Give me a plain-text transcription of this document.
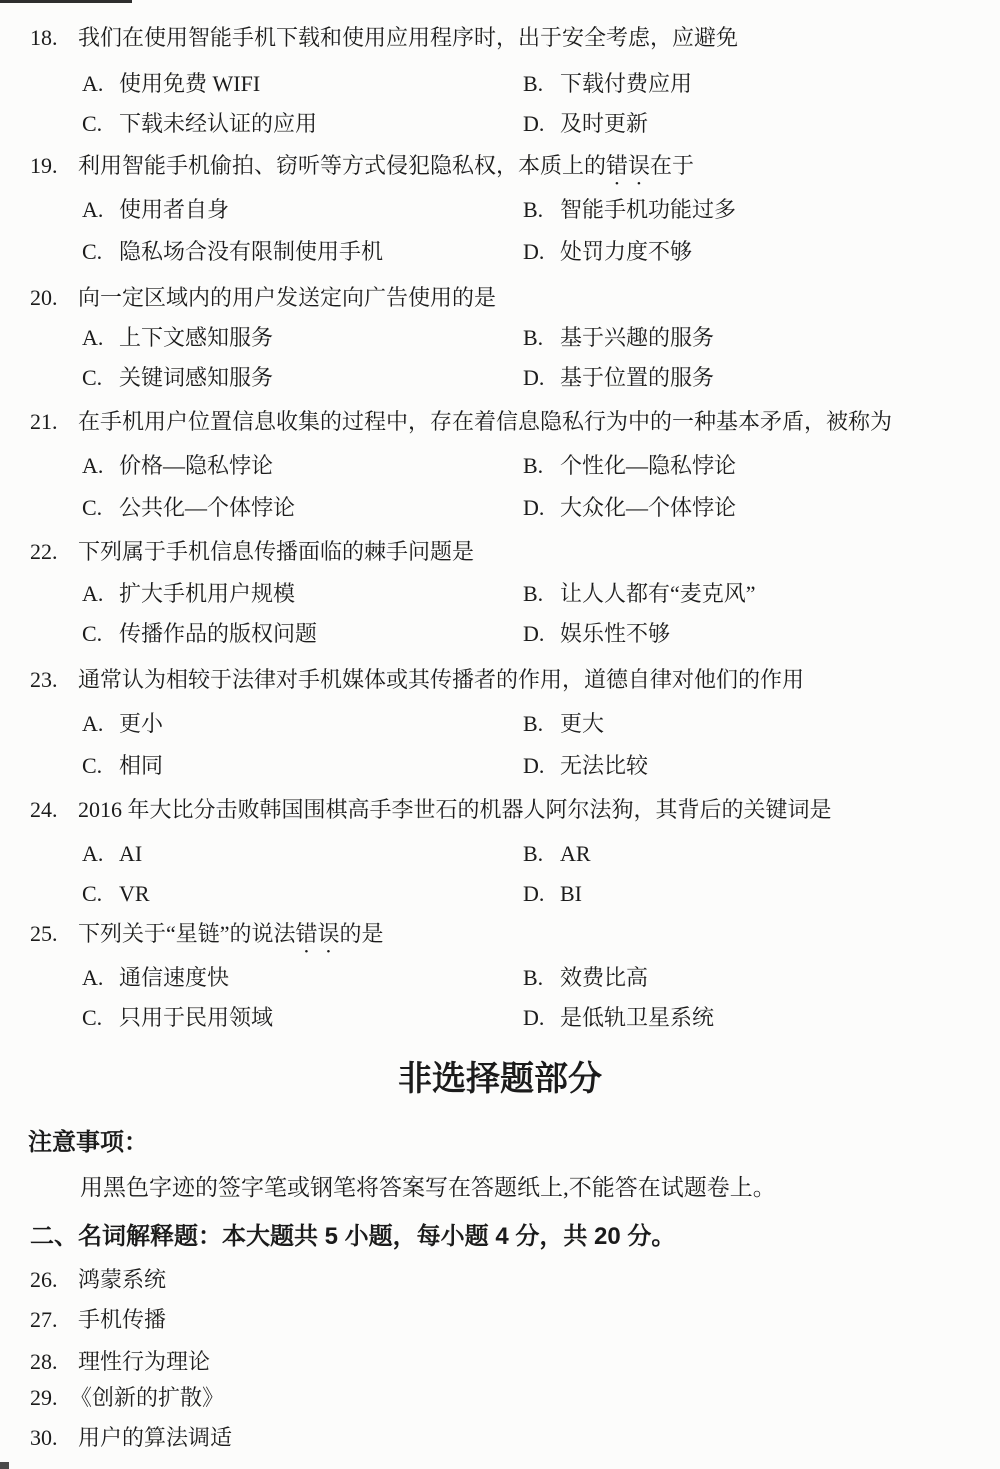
18. 我们在使用智能手机下载和使用应用程序时，出于安全考虑，应避免
A. 使用免费 WIFI	B. 下载付费应用
C. 下载未经认证的应用	D. 及时更新
19. 利用智能手机偷拍、窃听等方式侵犯隐私权，本质上的错误在于
A. 使用者自身	B. 智能手机功能过多
C. 隐私场合没有限制使用手机	D. 处罚力度不够
20. 向一定区域内的用户发送定向广告使用的是
A. 上下文感知服务	B. 基于兴趣的服务
C. 关键词感知服务	D. 基于位置的服务
21. 在手机用户位置信息收集的过程中，存在着信息隐私行为中的一种基本矛盾，被称为
A. 价格—隐私悖论	B. 个性化—隐私悖论
C. 公共化—个体悖论	D. 大众化—个体悖论
22. 下列属于手机信息传播面临的棘手问题是
A. 扩大手机用户规模	B. 让人人都有“麦克风”
C. 传播作品的版权问题	D. 娱乐性不够
23. 通常认为相较于法律对手机媒体或其传播者的作用，道德自律对他们的作用
A. 更小	B. 更大
C. 相同	D. 无法比较
24. 2016 年大比分击败韩国围棋高手李世石的机器人阿尔法狗，其背后的关键词是
A. AI	B. AR
C. VR	D. BI
25. 下列关于“星链”的说法错误的是
A. 通信速度快	B. 效费比高
C. 只用于民用领域	D. 是低轨卫星系统
非选择题部分
注意事项：
用黑色字迹的签字笔或钢笔将答案写在答题纸上,不能答在试题卷上。
二、名词解释题：本大题共 5 小题，每小题 4 分，共 20 分。
26. 鸿蒙系统
27. 手机传播
28. 理性行为理论
29. 《创新的扩散》
30. 用户的算法调适
